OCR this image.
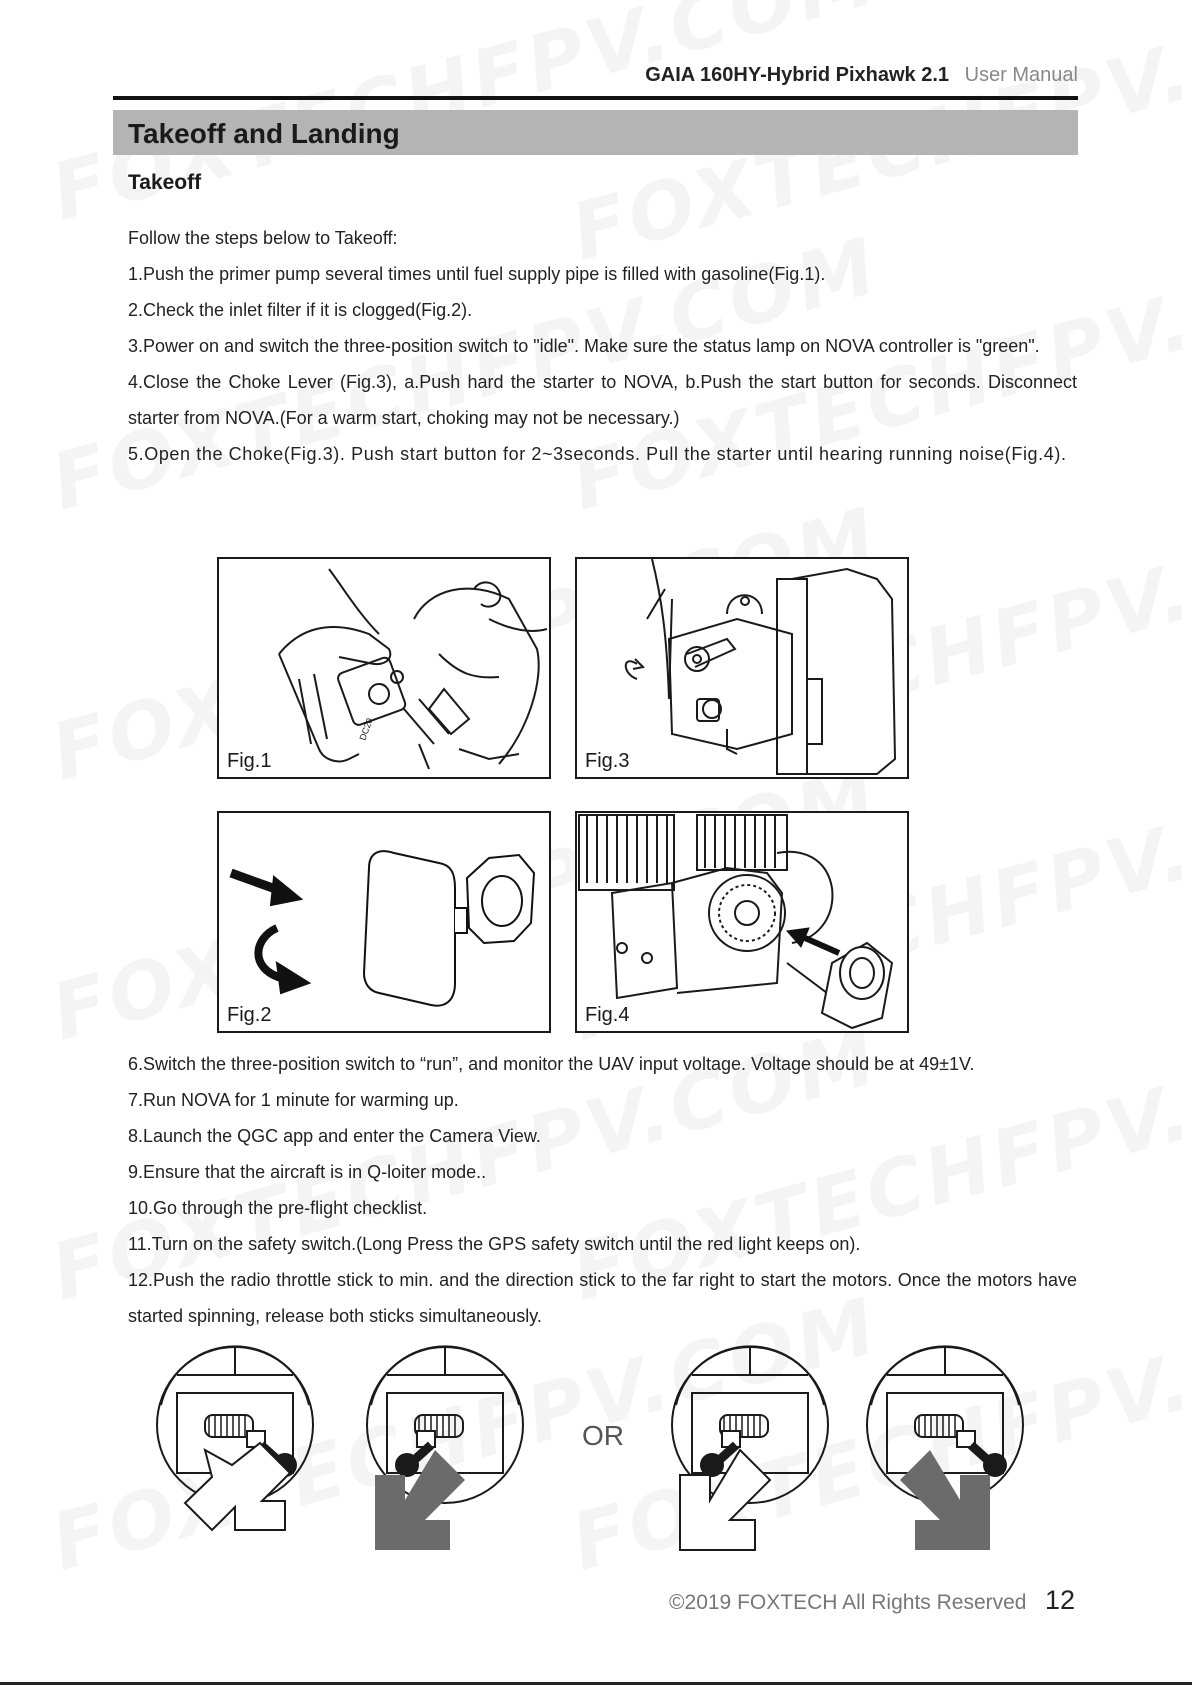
GAIA 160HY-Hybrid Pixhawk 2.1 User Manual
Takeoff and Landing
Takeoff
Follow the steps below to Takeoff:
1.Push the primer pump several times until fuel supply pipe is filled with gasoline(Fig.1).
2.Check the inlet filter if it is clogged(Fig.2).
3.Power on and switch the three-position switch to "idle". Make sure the status lamp on NOVA controller is "green".
4.Close the Choke Lever (Fig.3), a.Push hard the starter to NOVA, b.Push the start button for seconds. Disconnect starter from NOVA.(For a warm start, choking may not be necessary.)
5.Open the Choke(Fig.3). Push start button for 2~3seconds. Pull the starter until hearing running noise(Fig.4).
DC20
Fig.1	Fig.3
Fig.2	Fig.4
6.Switch the three-position switch to “run”, and monitor the UAV input voltage. Voltage should be at 49±1V.
7.Run NOVA for 1 minute for warming up.
8.Launch the QGC app and enter the Camera View.
9.Ensure that the aircraft is in Q-loiter mode..
10.Go through the pre-flight checklist.
11.Turn on the safety switch.(Long Press the GPS safety switch until the red light keeps on).
12.Push the radio throttle stick to min. and the direction stick to the far right to start the motors. Once the motors have started spinning, release both sticks simultaneously.
OR
©2019 FOXTECH All Rights Reserved 12
